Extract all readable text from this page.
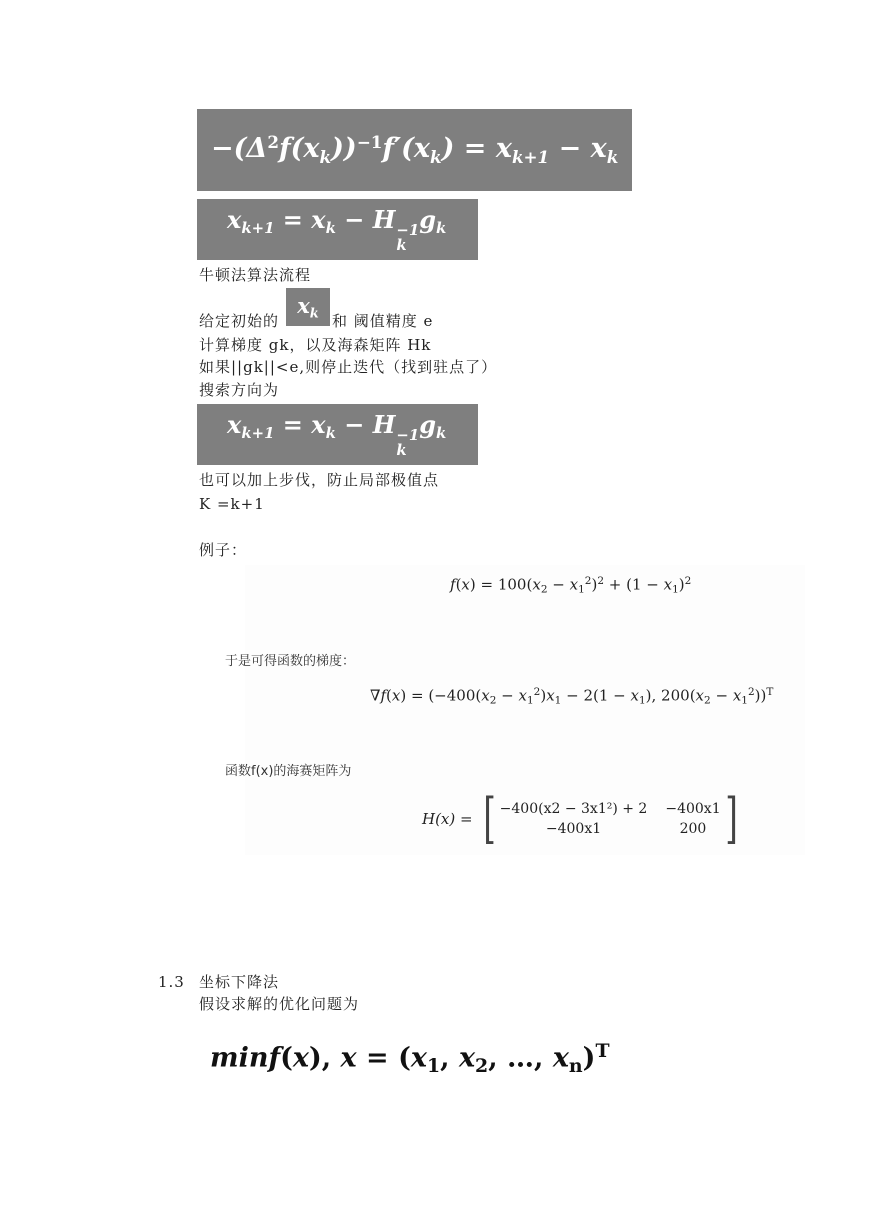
$-(\Delta^2f(x_k))^{-1}f'(x_k) = x_{k+1} - x_k$
$x_{k+1} = x_k - H -1$
k
$g_k$
牛顿法算法流程
给定初始的
$x_k$ 和 阈值精度 e
计算梯度 gk，以及海森矩阵 Hk
如果||gk||<e,则停止迭代（找到驻点了）
搜索方向为
$x_{k+1} = x_k - H -1$
k
$g_k$
也可以加上步伐，防止局部极值点
K =k+1
例子：
$f(x) = 100(x_2 - x_1^2)^2 + (1 - x_1)^2$
于是可得函数的梯度：
$\nabla f(x) = (-400(x_2 - x_1^2)x_1 - 2(1 - x_1)$, $200(x_2 - x_1^2))^T$
函数f(x)的海赛矩阵为
H(x) = [ −400(x2 − 3x1²) + 2 −400x1
−400x1	200 ]
1.3 坐标下降法
假设求解的优化问题为
minf(x), $x = (x_1$, $x_2$, …, $x_n)^T$
